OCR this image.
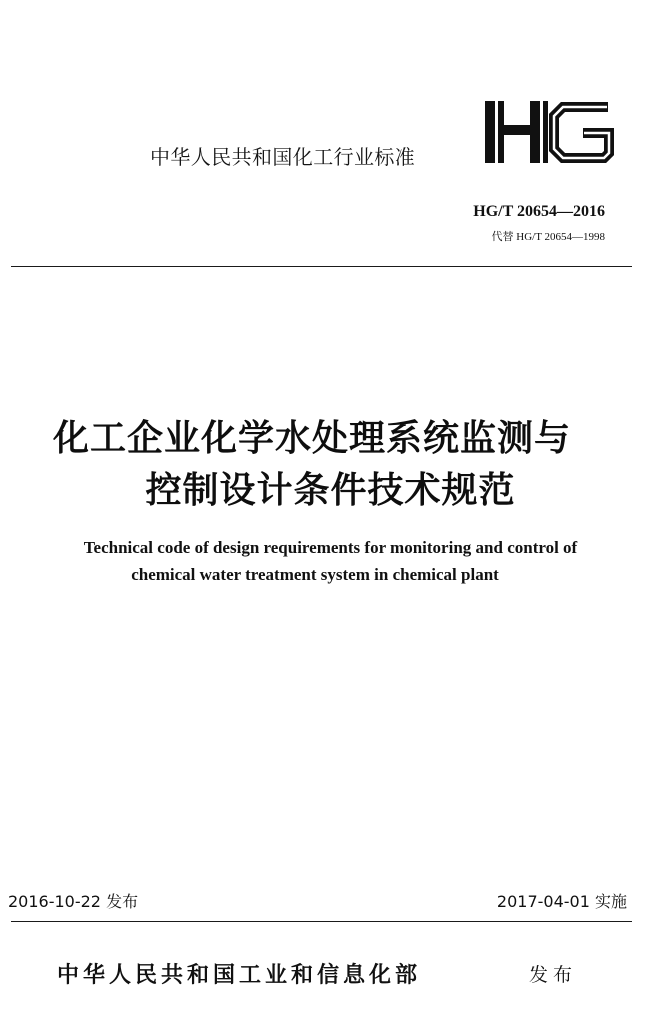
中华人民共和国化工行业标准
HG/T 20654—2016
代替 HG/T 20654—1998
化工企业化学水处理系统监测与
控制设计条件技术规范
Technical code of design requirements for monitoring and control of
chemical water treatment system in chemical plant
2016-10-22 发布	2017-04-01 实施
中华人民共和国工业和信息化部	发布
